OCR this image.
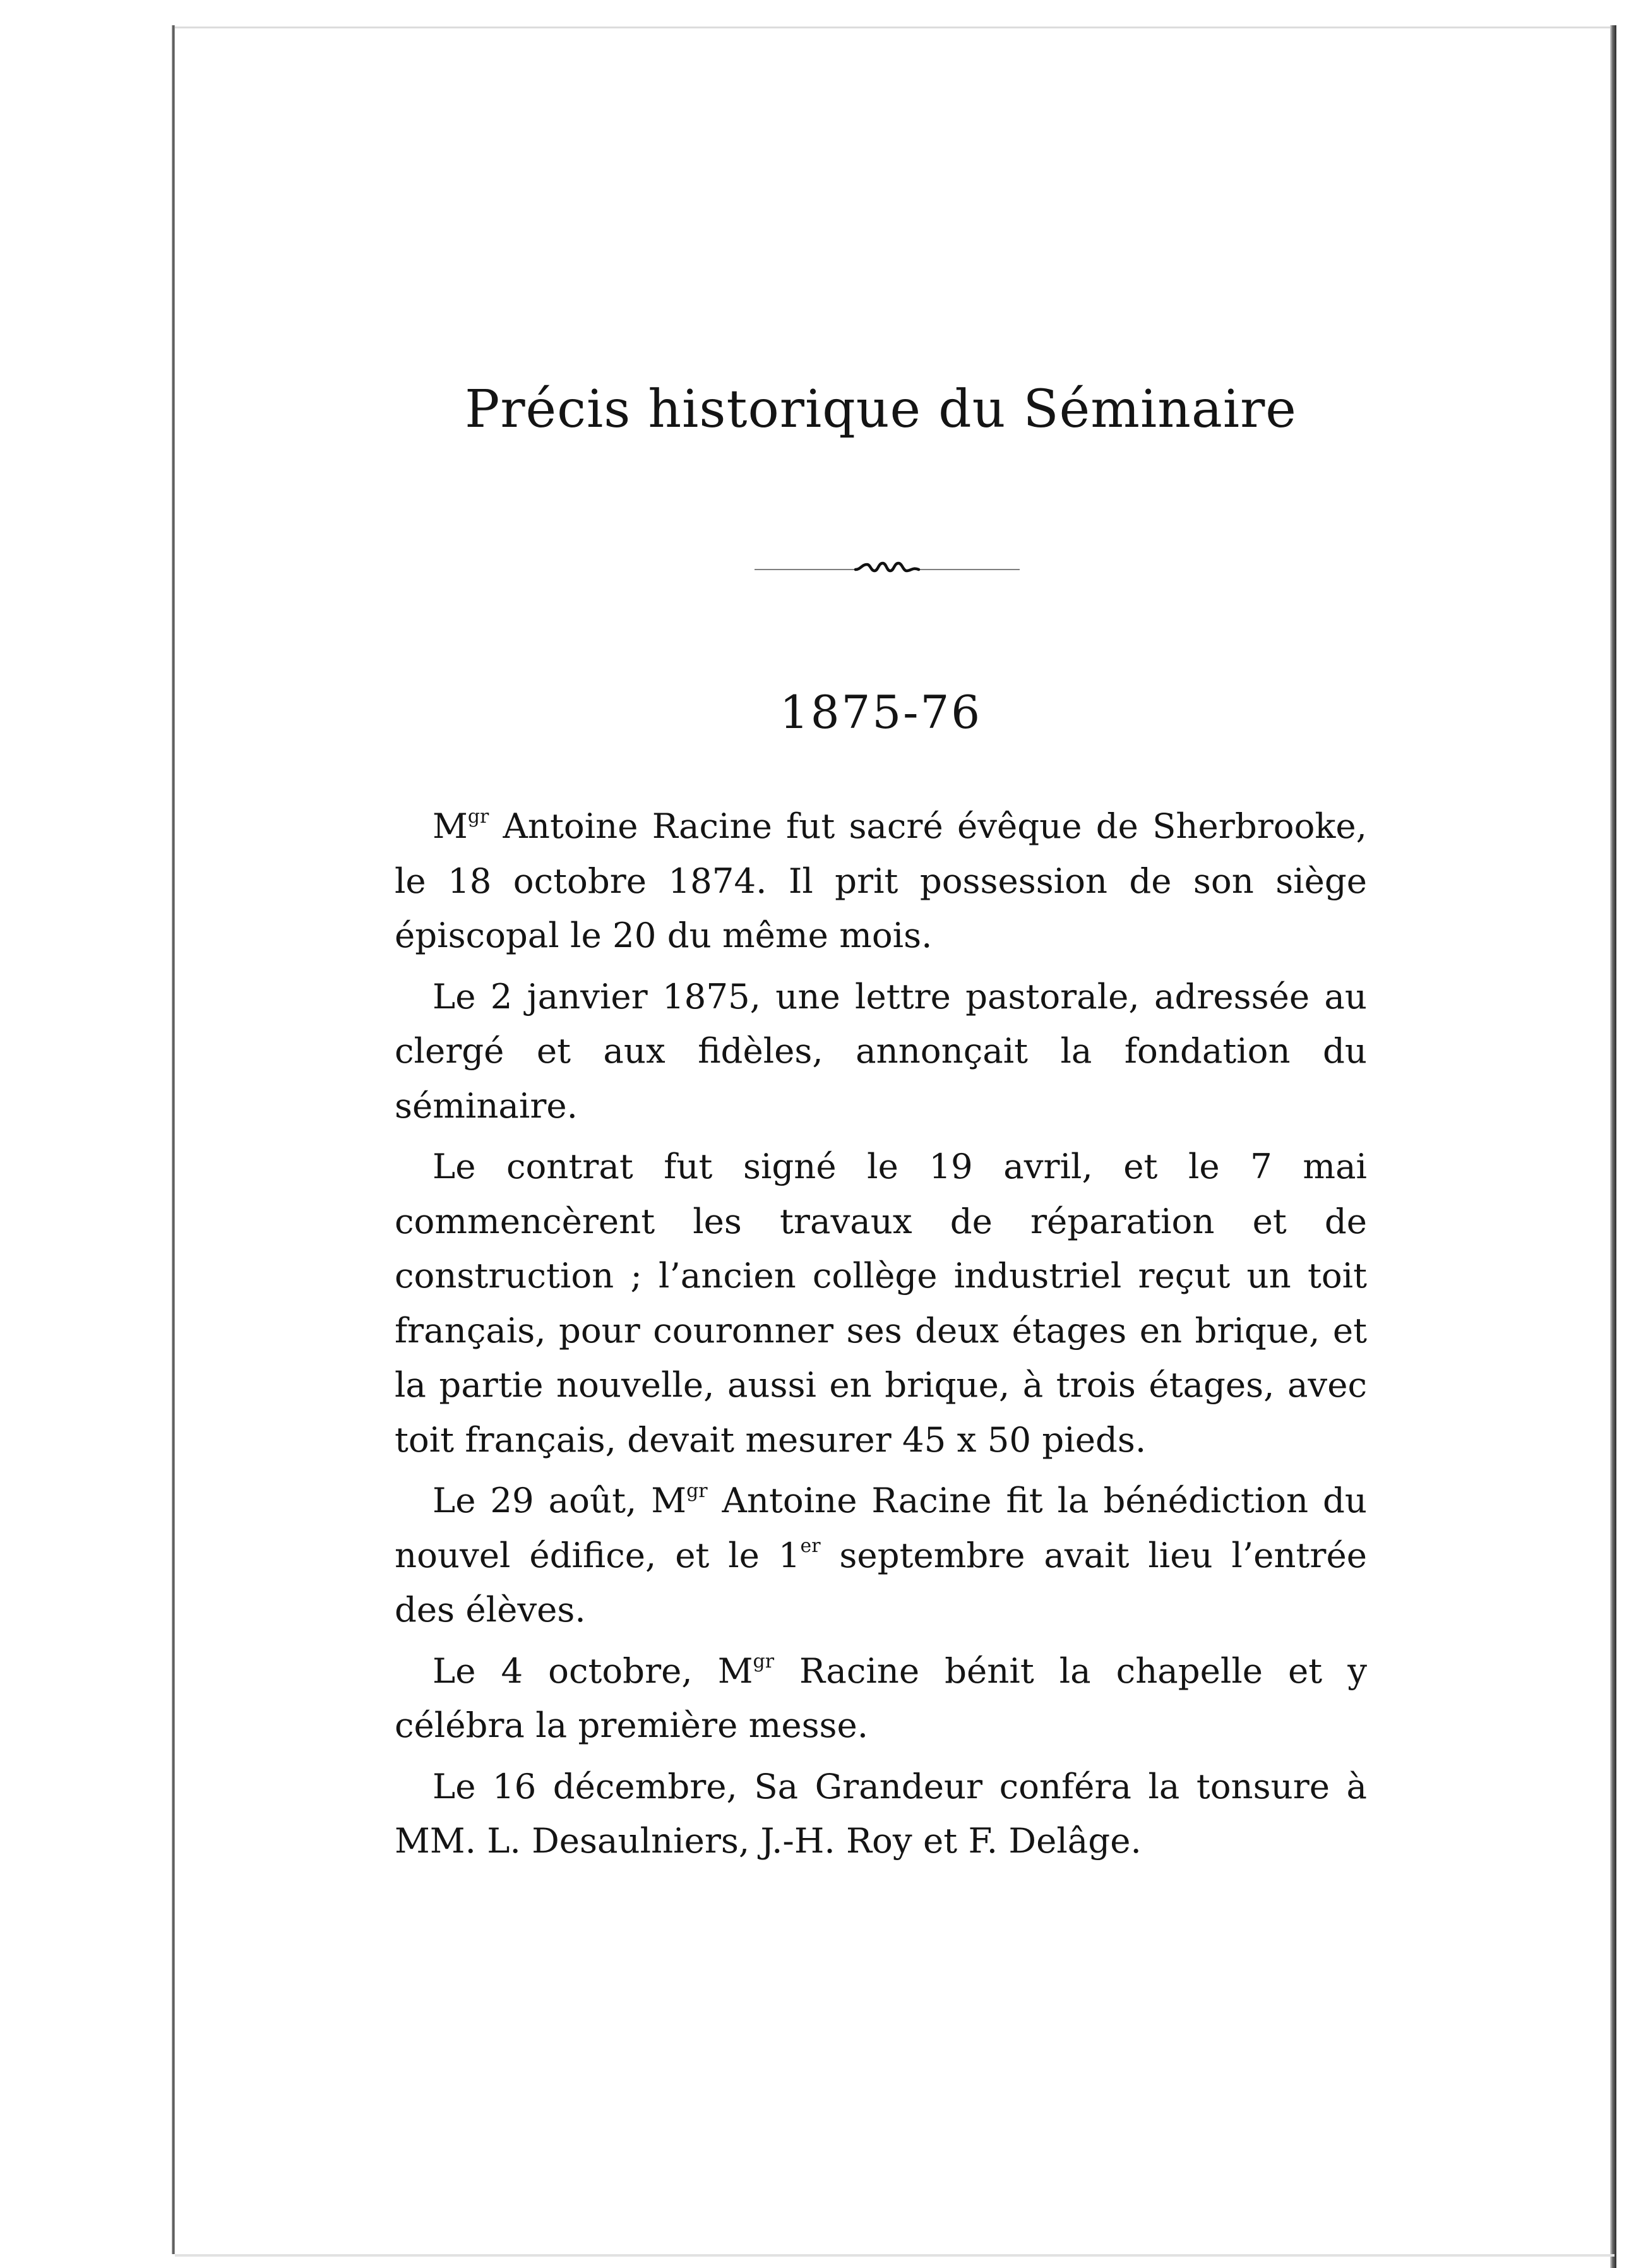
Précis historique du Séminaire
1875-76

$M^{gr}$ Antoine Racine fut sacré évêque de Sherbrooke, le 18 octobre 1874. Il prit possession de son siège épiscopal le 20 du même mois.

Le 2 janvier 1875, une lettre pastorale, adressée au clergé et aux fidèles, annonçait la fondation du séminaire.

Le contrat fut signé le 19 avril, et le 7 mai commencèrent les travaux de réparation et de construction ; l’ancien collège industriel reçut un toit français, pour couronner ses deux étages en brique, et la partie nouvelle, aussi en brique, à trois étages, avec toit français, devait mesurer 45 x 50 pieds.

Le 29 août, $M^{gr}$ Antoine Racine fit la bénédiction du nouvel édifice, et le 1er septembre avait lieu l’entrée des élèves.

Le 4 octobre, $M^{gr}$ Racine bénit la chapelle et y célébra la première messe.

Le 16 décembre, Sa Grandeur conféra la tonsure à MM. L. Desaulniers, J.-H. Roy et F. Delâge.
